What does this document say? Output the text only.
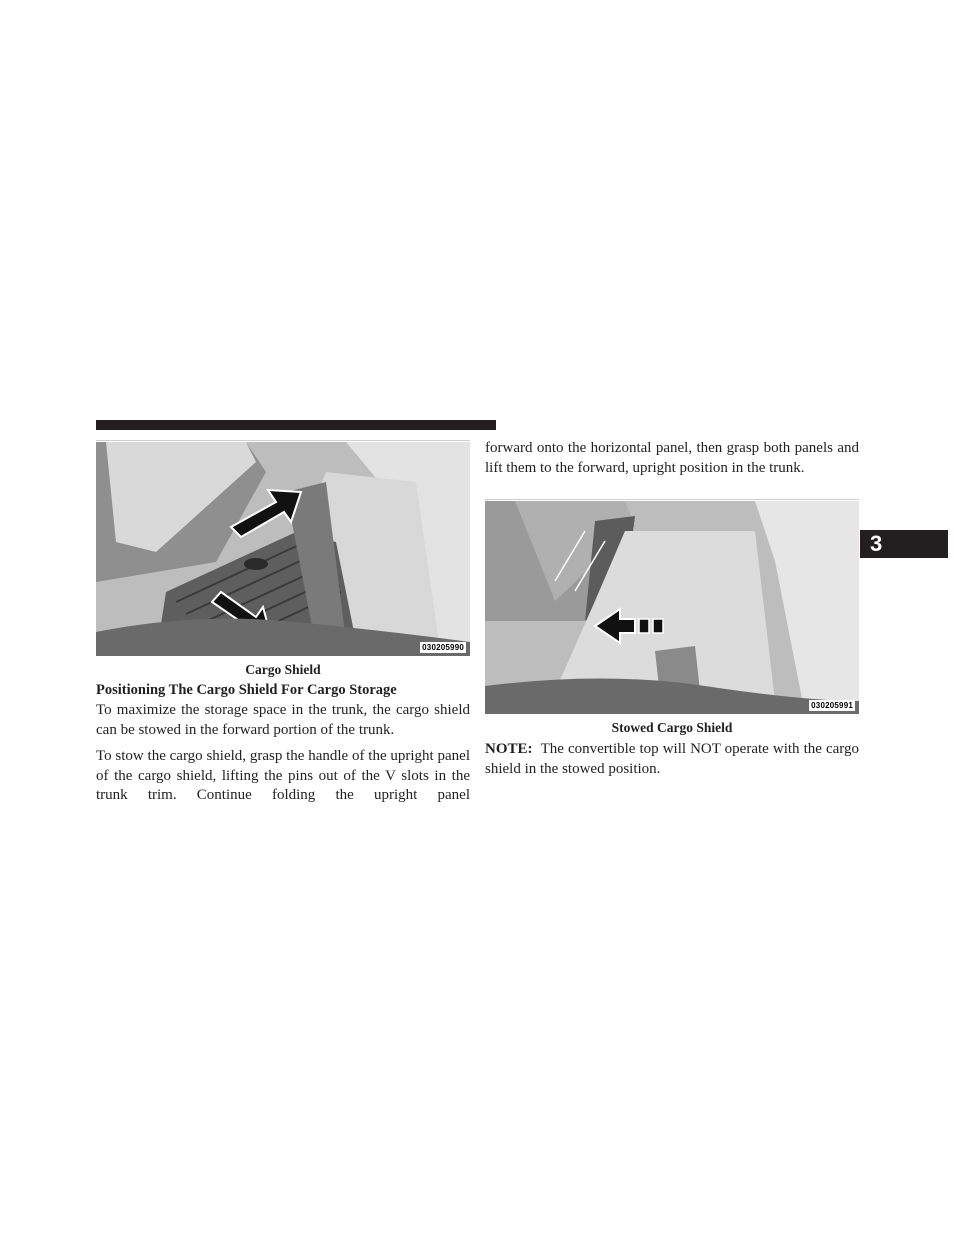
030205990
Cargo Shield
Positioning The Cargo Shield For Cargo Storage

To maximize the storage space in the trunk, the cargo shield can be stowed in the forward portion of the trunk.

To stow the cargo shield, grasp the handle of the upright panel of the cargo shield, lifting the pins out of the V slots in the trunk trim. Continue folding the upright panel

forward onto the horizontal panel, then grasp both panels and lift them to the forward, upright position in the trunk.

030205991
Stowed Cargo Shield

NOTE: The convertible top will NOT operate with the cargo shield in the stowed position.

3
